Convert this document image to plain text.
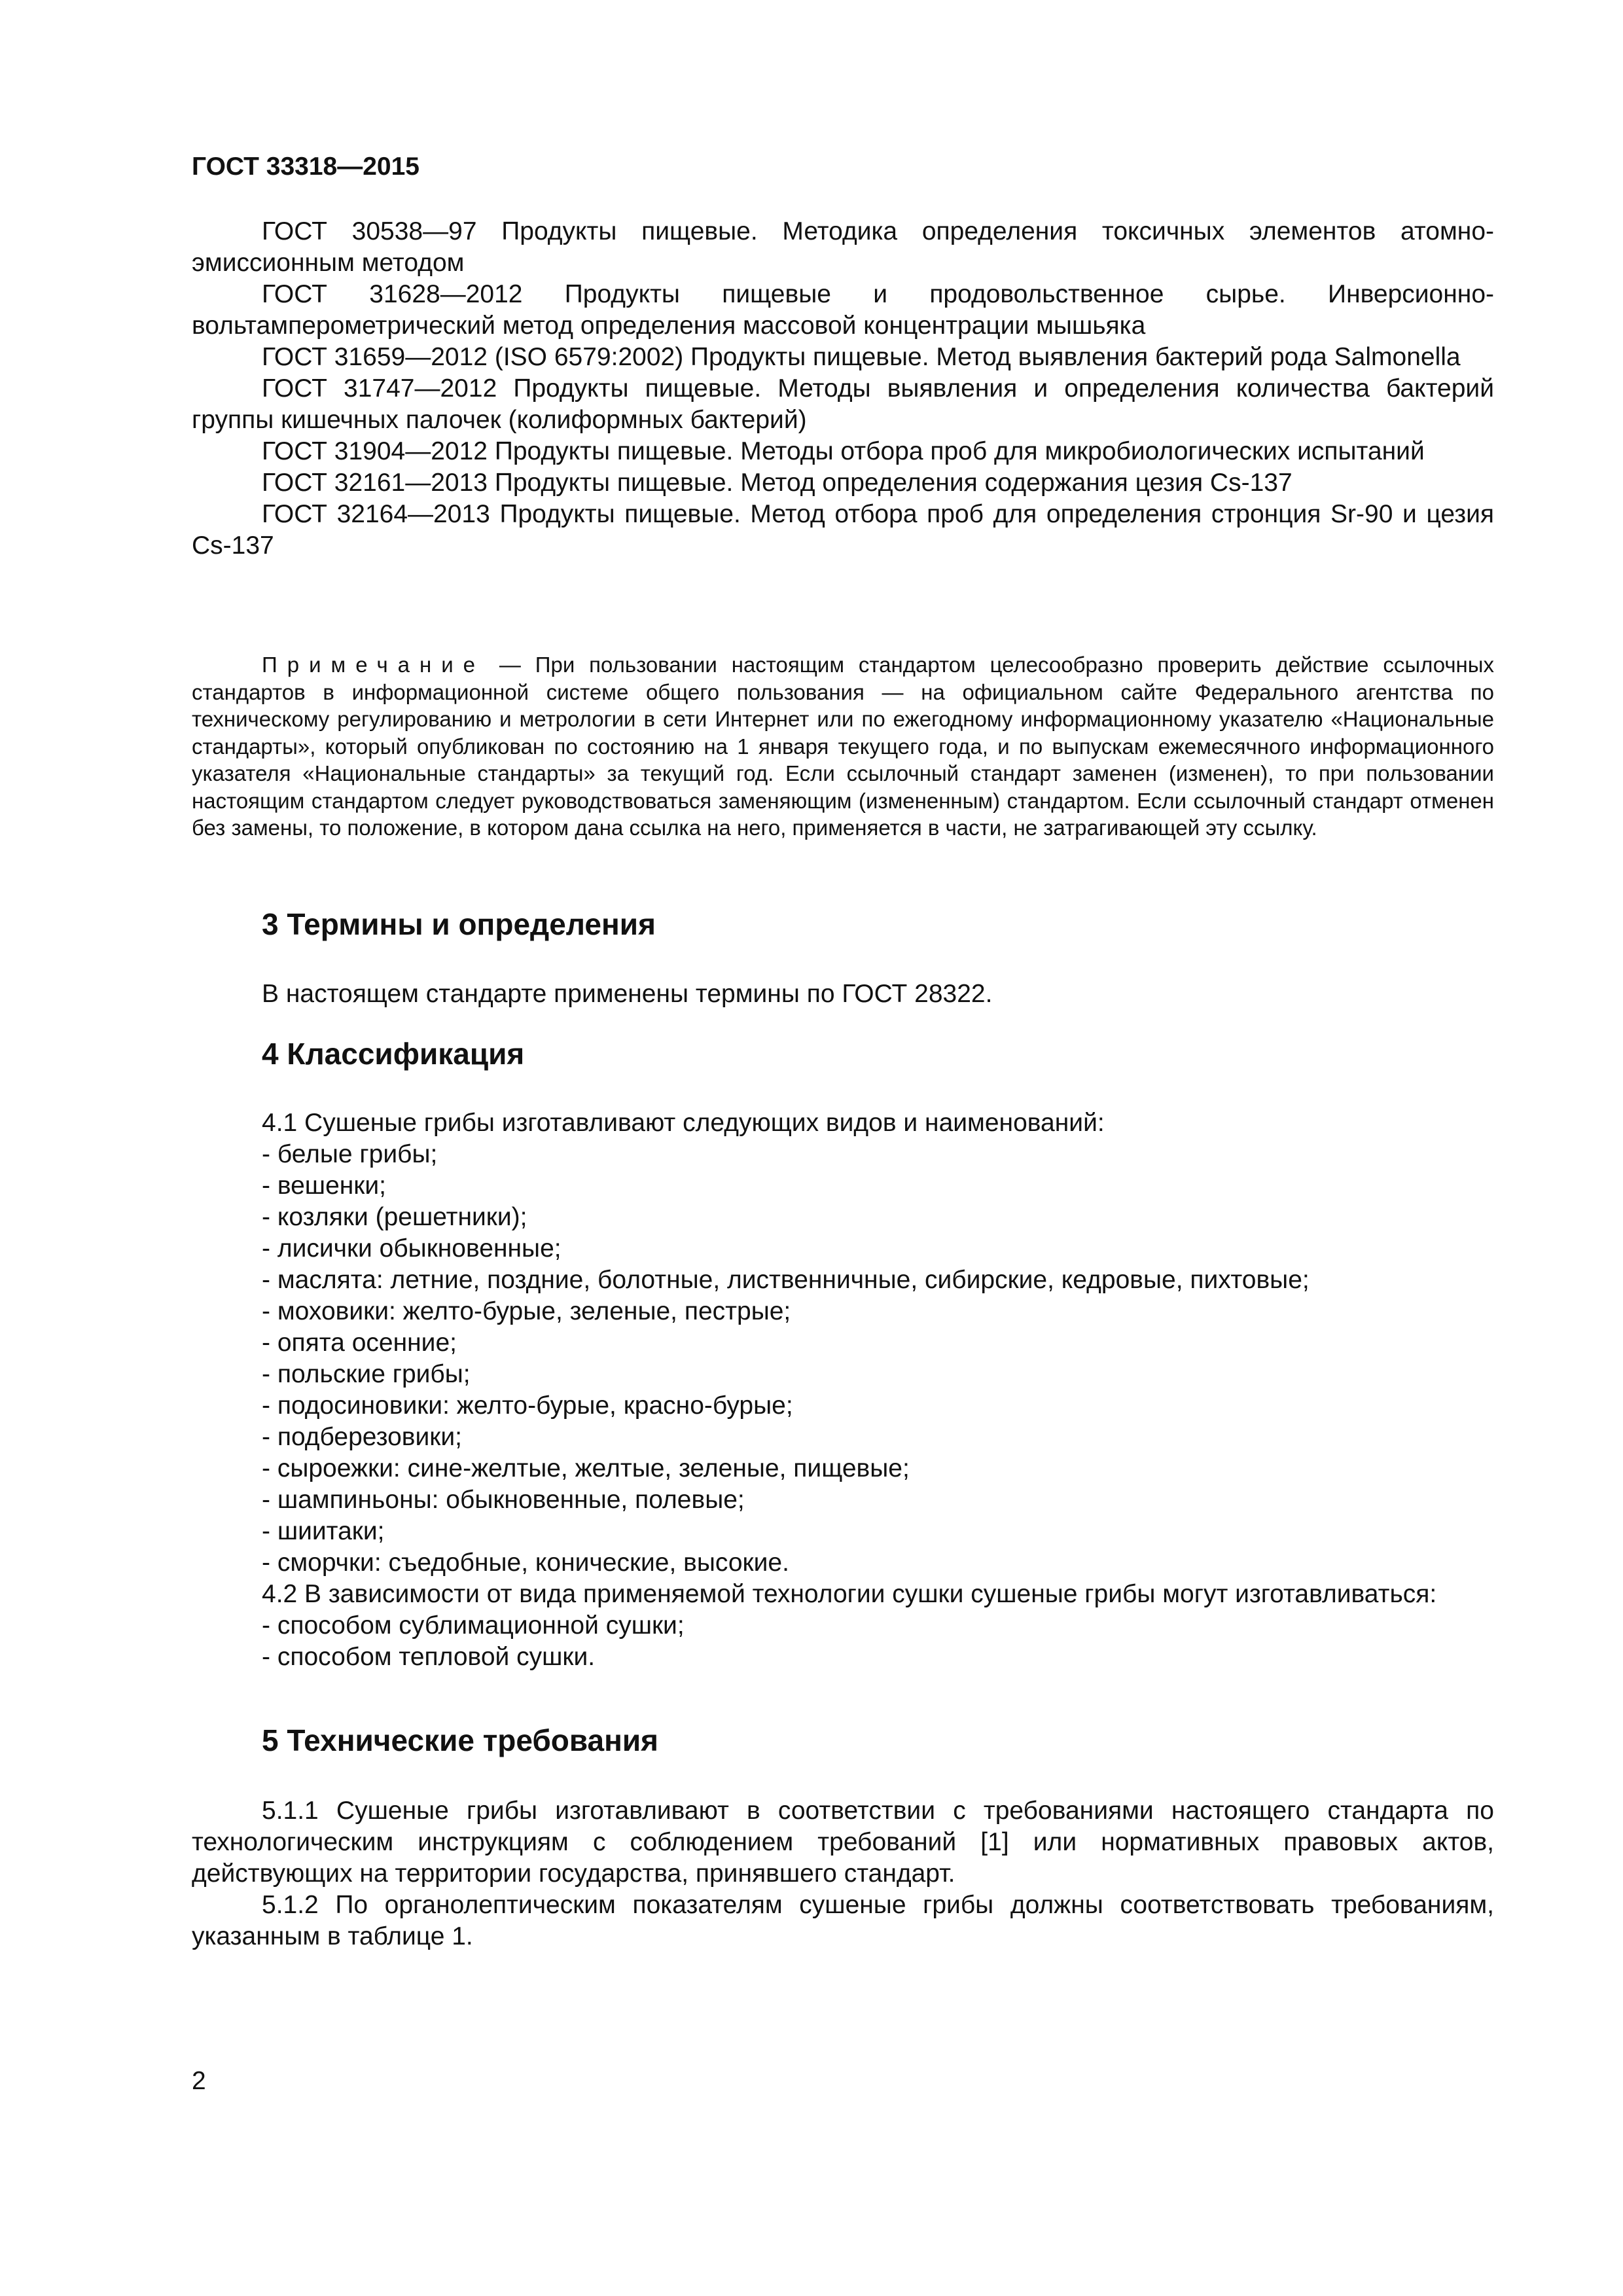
ГОСТ 33318—2015

ГОСТ 30538—97 Продукты пищевые. Методика определения токсичных элементов атомно-эмиссионным методом

ГОСТ 31628—2012 Продукты пищевые и продовольственное сырье. Инверсионно-вольтамперометрический метод определения массовой концентрации мышьяка

ГОСТ 31659—2012 (ISO 6579:2002) Продукты пищевые. Метод выявления бактерий рода Salmonella

ГОСТ 31747—2012 Продукты пищевые. Методы выявления и определения количества бактерий группы кишечных палочек (колиформных бактерий)

ГОСТ 31904—2012 Продукты пищевые. Методы отбора проб для микробиологических испытаний

ГОСТ 32161—2013 Продукты пищевые. Метод определения содержания цезия Cs-137

ГОСТ 32164—2013 Продукты пищевые. Метод отбора проб для определения стронция Sr-90 и цезия Cs-137

Примечание — При пользовании настоящим стандартом целесообразно проверить действие ссылочных стандартов в информационной системе общего пользования — на официальном сайте Федерального агентства по техническому регулированию и метрологии в сети Интернет или по ежегодному информационному указателю «Национальные стандарты», который опубликован по состоянию на 1 января текущего года, и по выпускам ежемесячного информационного указателя «Национальные стандарты» за текущий год. Если ссылочный стандарт заменен (изменен), то при пользовании настоящим стандартом следует руководствоваться заменяющим (измененным) стандартом. Если ссылочный стандарт отменен без замены, то положение, в котором дана ссылка на него, применяется в части, не затрагивающей эту ссылку.
3 Термины и определения

В настоящем стандарте применены термины по ГОСТ 28322.

4 Классификация

4.1 Сушеные грибы изготавливают следующих видов и наименований:

- белые грибы;

- вешенки;

- козляки (решетники);

- лисички обыкновенные;

- маслята: летние, поздние, болотные, лиственничные, сибирские, кедровые, пихтовые;

- моховики: желто-бурые, зеленые, пестрые;

- опята осенние;

- польские грибы;

- подосиновики: желто-бурые, красно-бурые;

- подберезовики;

- сыроежки: сине-желтые, желтые, зеленые, пищевые;

- шампиньоны: обыкновенные, полевые;

- шиитаки;

- сморчки: съедобные, конические, высокие.

4.2 В зависимости от вида применяемой технологии сушки сушеные грибы могут изготавливаться:

- способом сублимационной сушки;

- способом тепловой сушки.

5 Технические требования

5.1.1 Сушеные грибы изготавливают в соответствии с требованиями настоящего стандарта по технологическим инструкциям с соблюдением требований [1] или нормативных правовых актов, действующих на территории государства, принявшего стандарт.

5.1.2 По органолептическим показателям сушеные грибы должны соответствовать требованиям, указанным в таблице 1.

2
